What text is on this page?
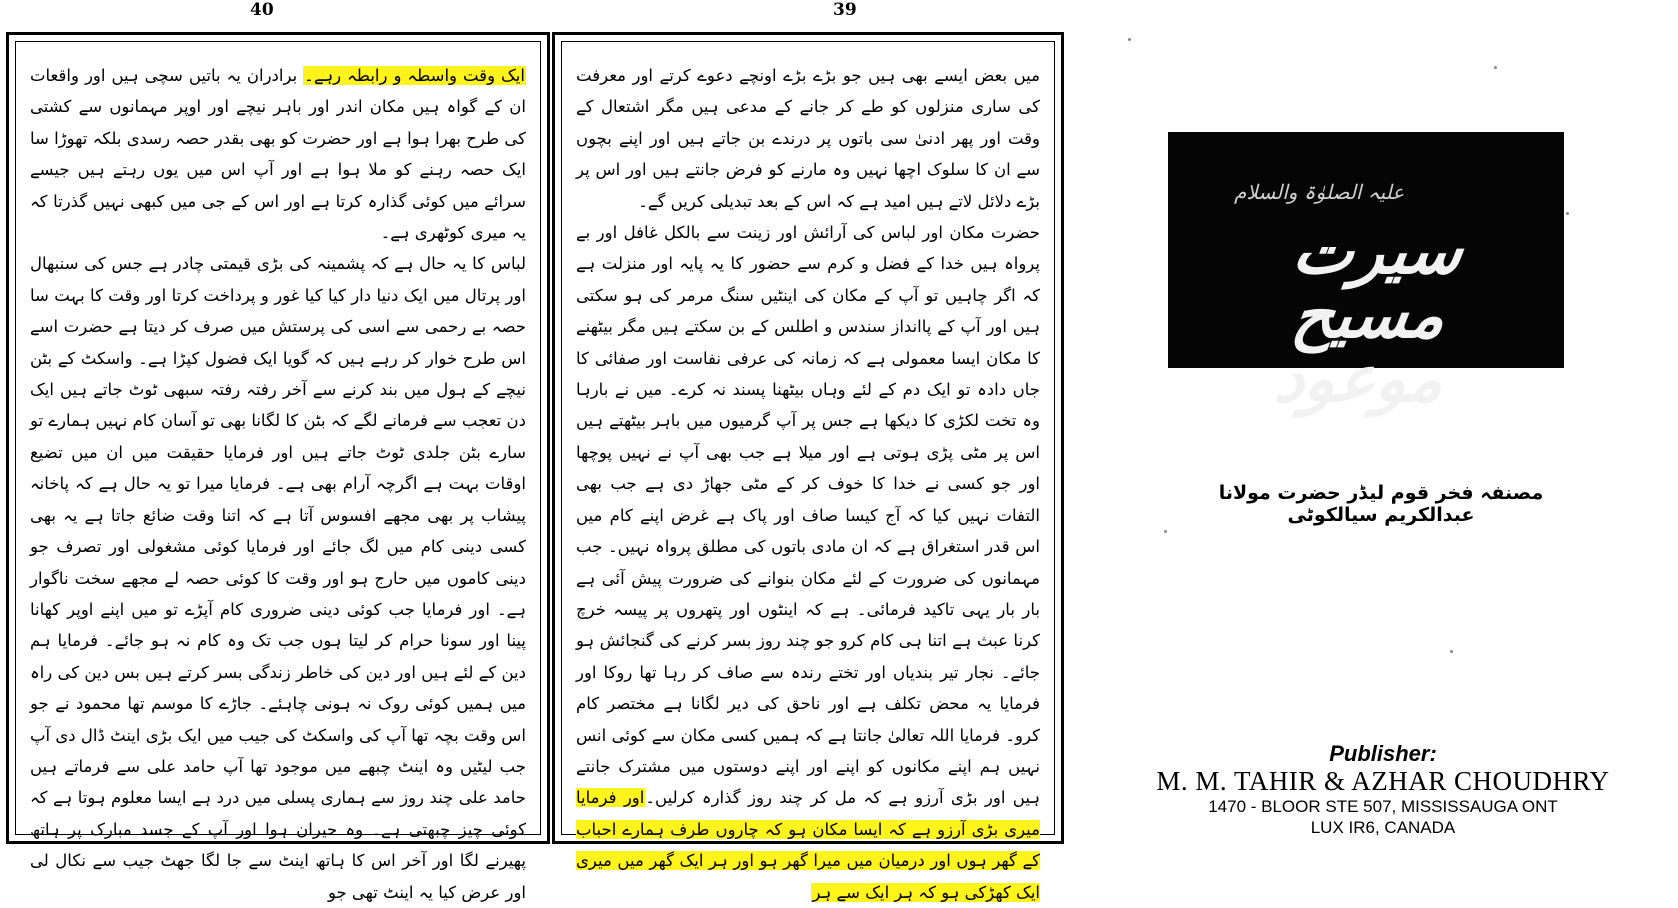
40	39

ایک وقت واسطہ و رابطہ رہے۔ برادران یہ باتیں سچی ہیں اور واقعات ان کے گواہ ہیں مکان اندر اور باہر نیچے اور اوپر مہمانوں سے کشتی کی طرح بھرا ہوا ہے اور حضرت کو بھی بقدر حصہ رسدی بلکہ تھوڑا سا ایک حصہ رہنے کو ملا ہوا ہے اور آپ اس میں یوں رہتے ہیں جیسے سرائے میں کوئی گذارہ کرتا ہے اور اس کے جی میں کبھی نہیں گذرتا کہ یہ میری کوٹھری ہے۔

لباس کا یہ حال ہے کہ پشمینہ کی بڑی قیمتی چادر ہے جس کی سنبھال اور پرتال میں ایک دنیا دار کیا کیا غور و پرداخت کرتا اور وقت کا بہت سا حصہ بے رحمی سے اسی کی پرستش میں صرف کر دیتا ہے حضرت اسے اس طرح خوار کر رہے ہیں کہ گویا ایک فضول کپڑا ہے۔ واسکٹ کے بٹن نیچے کے ہول میں بند کرنے سے آخر رفتہ رفتہ سبھی ٹوٹ جاتے ہیں ایک دن تعجب سے فرمانے لگے کہ بٹن کا لگانا بھی تو آسان کام نہیں ہمارے تو سارے بٹن جلدی ٹوٹ جاتے ہیں اور فرمایا حقیقت میں ان میں تضیع اوقات بہت ہے اگرچہ آرام بھی ہے۔ فرمایا میرا تو یہ حال ہے کہ پاخانہ پیشاب پر بھی مجھے افسوس آتا ہے کہ اتنا وقت ضائع جاتا ہے یہ بھی کسی دینی کام میں لگ جائے اور فرمایا کوئی مشغولی اور تصرف جو دینی کاموں میں حارج ہو اور وقت کا کوئی حصہ لے مجھے سخت ناگوار ہے۔ اور فرمایا جب کوئی دینی ضروری کام آپڑے تو میں اپنے اوپر کھانا پینا اور سونا حرام کر لیتا ہوں جب تک وہ کام نہ ہو جائے۔ فرمایا ہم دین کے لئے ہیں اور دین کی خاطر زندگی بسر کرتے ہیں بس دین کی راہ میں ہمیں کوئی روک نہ ہونی چاہئے۔ جاڑے کا موسم تھا محمود نے جو اس وقت بچہ تھا آپ کی واسکٹ کی جیب میں ایک بڑی اینٹ ڈال دی آپ جب لیٹیں وہ اینٹ چبھے میں موجود تھا آپ حامد علی سے فرماتے ہیں حامد علی چند روز سے ہماری پسلی میں درد ہے ایسا معلوم ہوتا ہے کہ کوئی چیز چبھتی ہے۔ وہ حیران ہوا اور آپ کے جسد مبارک پر ہاتھ پھیرنے لگا اور آخر اس کا ہاتھ اینٹ سے جا لگا جھٹ جیب سے نکال لی اور عرض کیا یہ اینٹ تھی جو

میں بعض ایسے بھی ہیں جو بڑے بڑے اونچے دعوے کرتے اور معرفت کی ساری منزلوں کو طے کر جانے کے مدعی ہیں مگر اشتعال کے وقت اور پھر ادنیٰ سی باتوں پر درندے بن جاتے ہیں اور اپنے بچوں سے ان کا سلوک اچھا نہیں وہ مارنے کو فرض جانتے ہیں اور اس پر بڑے دلائل لاتے ہیں امید ہے کہ اس کے بعد تبدیلی کریں گے۔

حضرت مکان اور لباس کی آرائش اور زینت سے بالکل غافل اور بے پرواہ ہیں خدا کے فضل و کرم سے حضور کا یہ پایہ اور منزلت ہے کہ اگر چاہیں تو آپ کے مکان کی اینٹیں سنگ مرمر کی ہو سکتی ہیں اور آپ کے پاانداز سندس و اطلس کے بن سکتے ہیں مگر بیٹھنے کا مکان ایسا معمولی ہے کہ زمانہ کی عرفی نفاست اور صفائی کا جاں دادہ تو ایک دم کے لئے وہاں بیٹھنا پسند نہ کرے۔ میں نے بارہا وہ تخت لکڑی کا دیکھا ہے جس پر آپ گرمیوں میں باہر بیٹھتے ہیں اس پر مٹی پڑی ہوتی ہے اور میلا ہے جب بھی آپ نے نہیں پوچھا اور جو کسی نے خدا کا خوف کر کے مٹی جھاڑ دی ہے جب بھی التفات نہیں کیا کہ آج کیسا صاف اور پاک ہے غرض اپنے کام میں اس قدر استغراق ہے کہ ان مادی باتوں کی مطلق پرواہ نہیں۔ جب مہمانوں کی ضرورت کے لئے مکان بنوانے کی ضرورت پیش آئی ہے بار بار یہی تاکید فرمائی۔ ہے کہ اینٹوں اور پتھروں پر پیسہ خرچ کرنا عبث ہے اتنا ہی کام کرو جو چند روز بسر کرنے کی گنجائش ہو جائے۔ نجار تیر بندیاں اور تختے رندہ سے صاف کر رہا تھا روکا اور فرمایا یہ محض تکلف ہے اور ناحق کی دیر لگانا ہے مختصر کام کرو۔ فرمایا اللہ تعالیٰ جانتا ہے کہ ہمیں کسی مکان سے کوئی انس نہیں ہم اپنے مکانوں کو اپنے اور اپنے دوستوں میں مشترک جانتے ہیں اور بڑی آرزو ہے کہ مل کر چند روز گذارہ کرلیں۔اور فرمایا میری بڑی آرزو ہے کہ ایسا مکان ہو کہ چاروں طرف ہمارے احباب کے گھر ہوں اور درمیان میں میرا گھر ہو اور ہر ایک گھر میں میری ایک کھڑکی ہو کہ ہر ایک سے ہر

علیہ الصلوٰۃ والسلام
سیرت مسیح موعود
مصنفہ فخر قوم لیڈر حضرت مولانا عبدالکریم سیالکوٹی
Publisher:
M. M. TAHIR & AZHAR CHOUDHRY
1470 - BLOOR STE 507, MISSISSAUGA ONT
LUX IR6, CANADA
